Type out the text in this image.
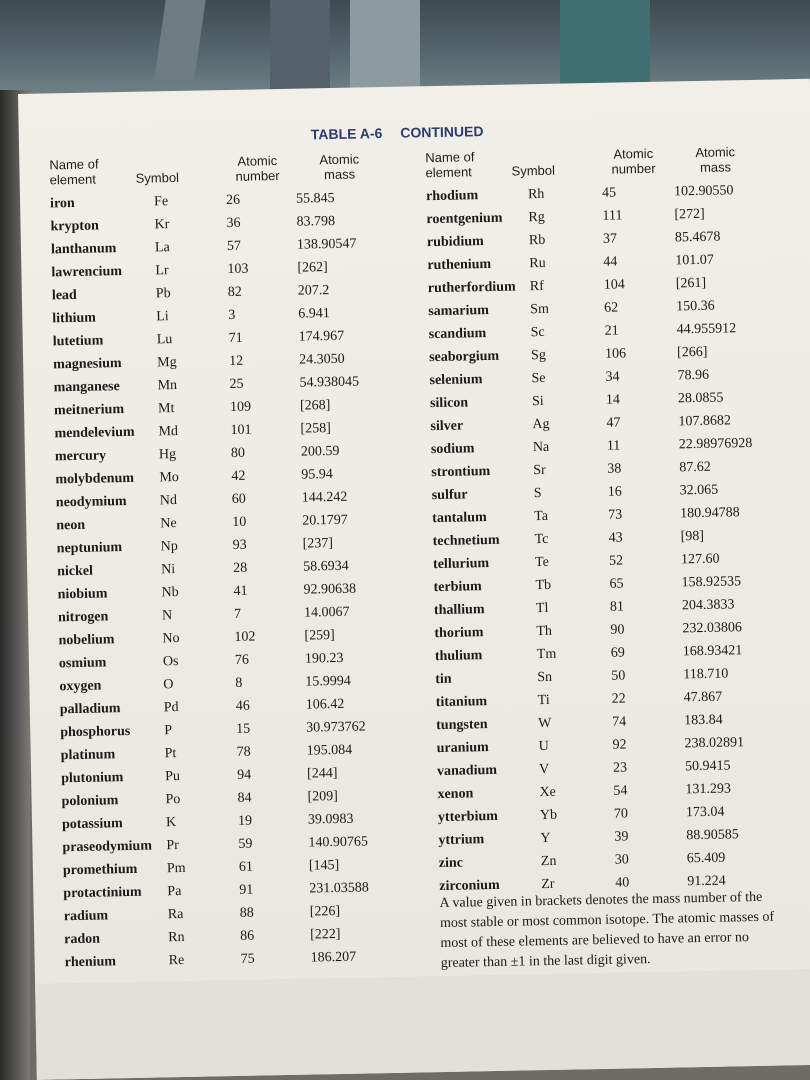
TABLE A-6 CONTINUED
Name of
element	Symbol
Atomic
number
Atomic
mass
iron	Fe	26	55.845
krypton	Kr	36	83.798
lanthanum	La	57	138.90547
lawrencium Lr	103	[262]
lead	Pb	82	207.2
lithium	Li	3	6.941
lutetium	Lu	71	174.967
magnesium	Mg	12	24.3050
manganese	Mn	25	54.938045
meitnerium Mt	109	[268]
mendelevium Md	101	[258]
mercury	Hg	80	200.59
molybdenum Mo	42	95.94
neodymium Nd	60	144.242
neon	Ne	10	20.1797
neptunium	Np	93	[237]
nickel	Ni	28	58.6934
niobium	Nb	41	92.90638
nitrogen	N	7	14.0067
nobelium	No	102	[259]
osmium	Os	76	190.23
oxygen	O	8	15.9994
palladium	Pd	46	106.42
phosphorus P	15	30.973762
platinum	Pt	78	195.084
plutonium	Pu	94	[244]
polonium	Po	84	[209]
potassium	K	19	39.0983
praseodymium Pr	59	140.90765
promethium Pm	61	[145]
protactinium Pa	91	231.03588
radium	Ra	88	[226]
radon	Rn	86	[222]
rhenium	Re	75	186.207
Name of
element	Symbol
Atomic
number
Atomic
mass
rhodium	Rh	45	102.90550
roentgenium Rg	111	[272]
rubidium	Rb	37	85.4678
ruthenium	Ru	44	101.07
rutherfordium Rf	104	[261]
samarium	Sm	62	150.36
scandium	Sc	21	44.955912
seaborgium Sg	106	[266]
selenium	Se	34	78.96
silicon	Si	14	28.0855
silver	Ag	47	107.8682
sodium	Na	11	22.98976928
strontium	Sr	38	87.62
sulfur	S	16	32.065
tantalum	Ta	73	180.94788
technetium Tc	43	[98]
tellurium	Te	52	127.60
terbium	Tb	65	158.92535
thallium	Tl	81	204.3833
thorium	Th	90	232.03806
thulium	Tm	69	168.93421
tin	Sn	50	118.710
titanium	Ti	22	47.867
tungsten	W	74	183.84
uranium	U	92	238.02891
vanadium	V	23	50.9415
xenon	Xe	54	131.293
ytterbium	Yb	70	173.04
yttrium	Y	39	88.90585
zinc	Zn	30	65.409
zirconium	Zr	40	91.224
A value given in brackets denotes the mass number of the most stable or most common isotope. The atomic masses of most of these elements are believed to have an error no greater than ±1 in the last digit given.
